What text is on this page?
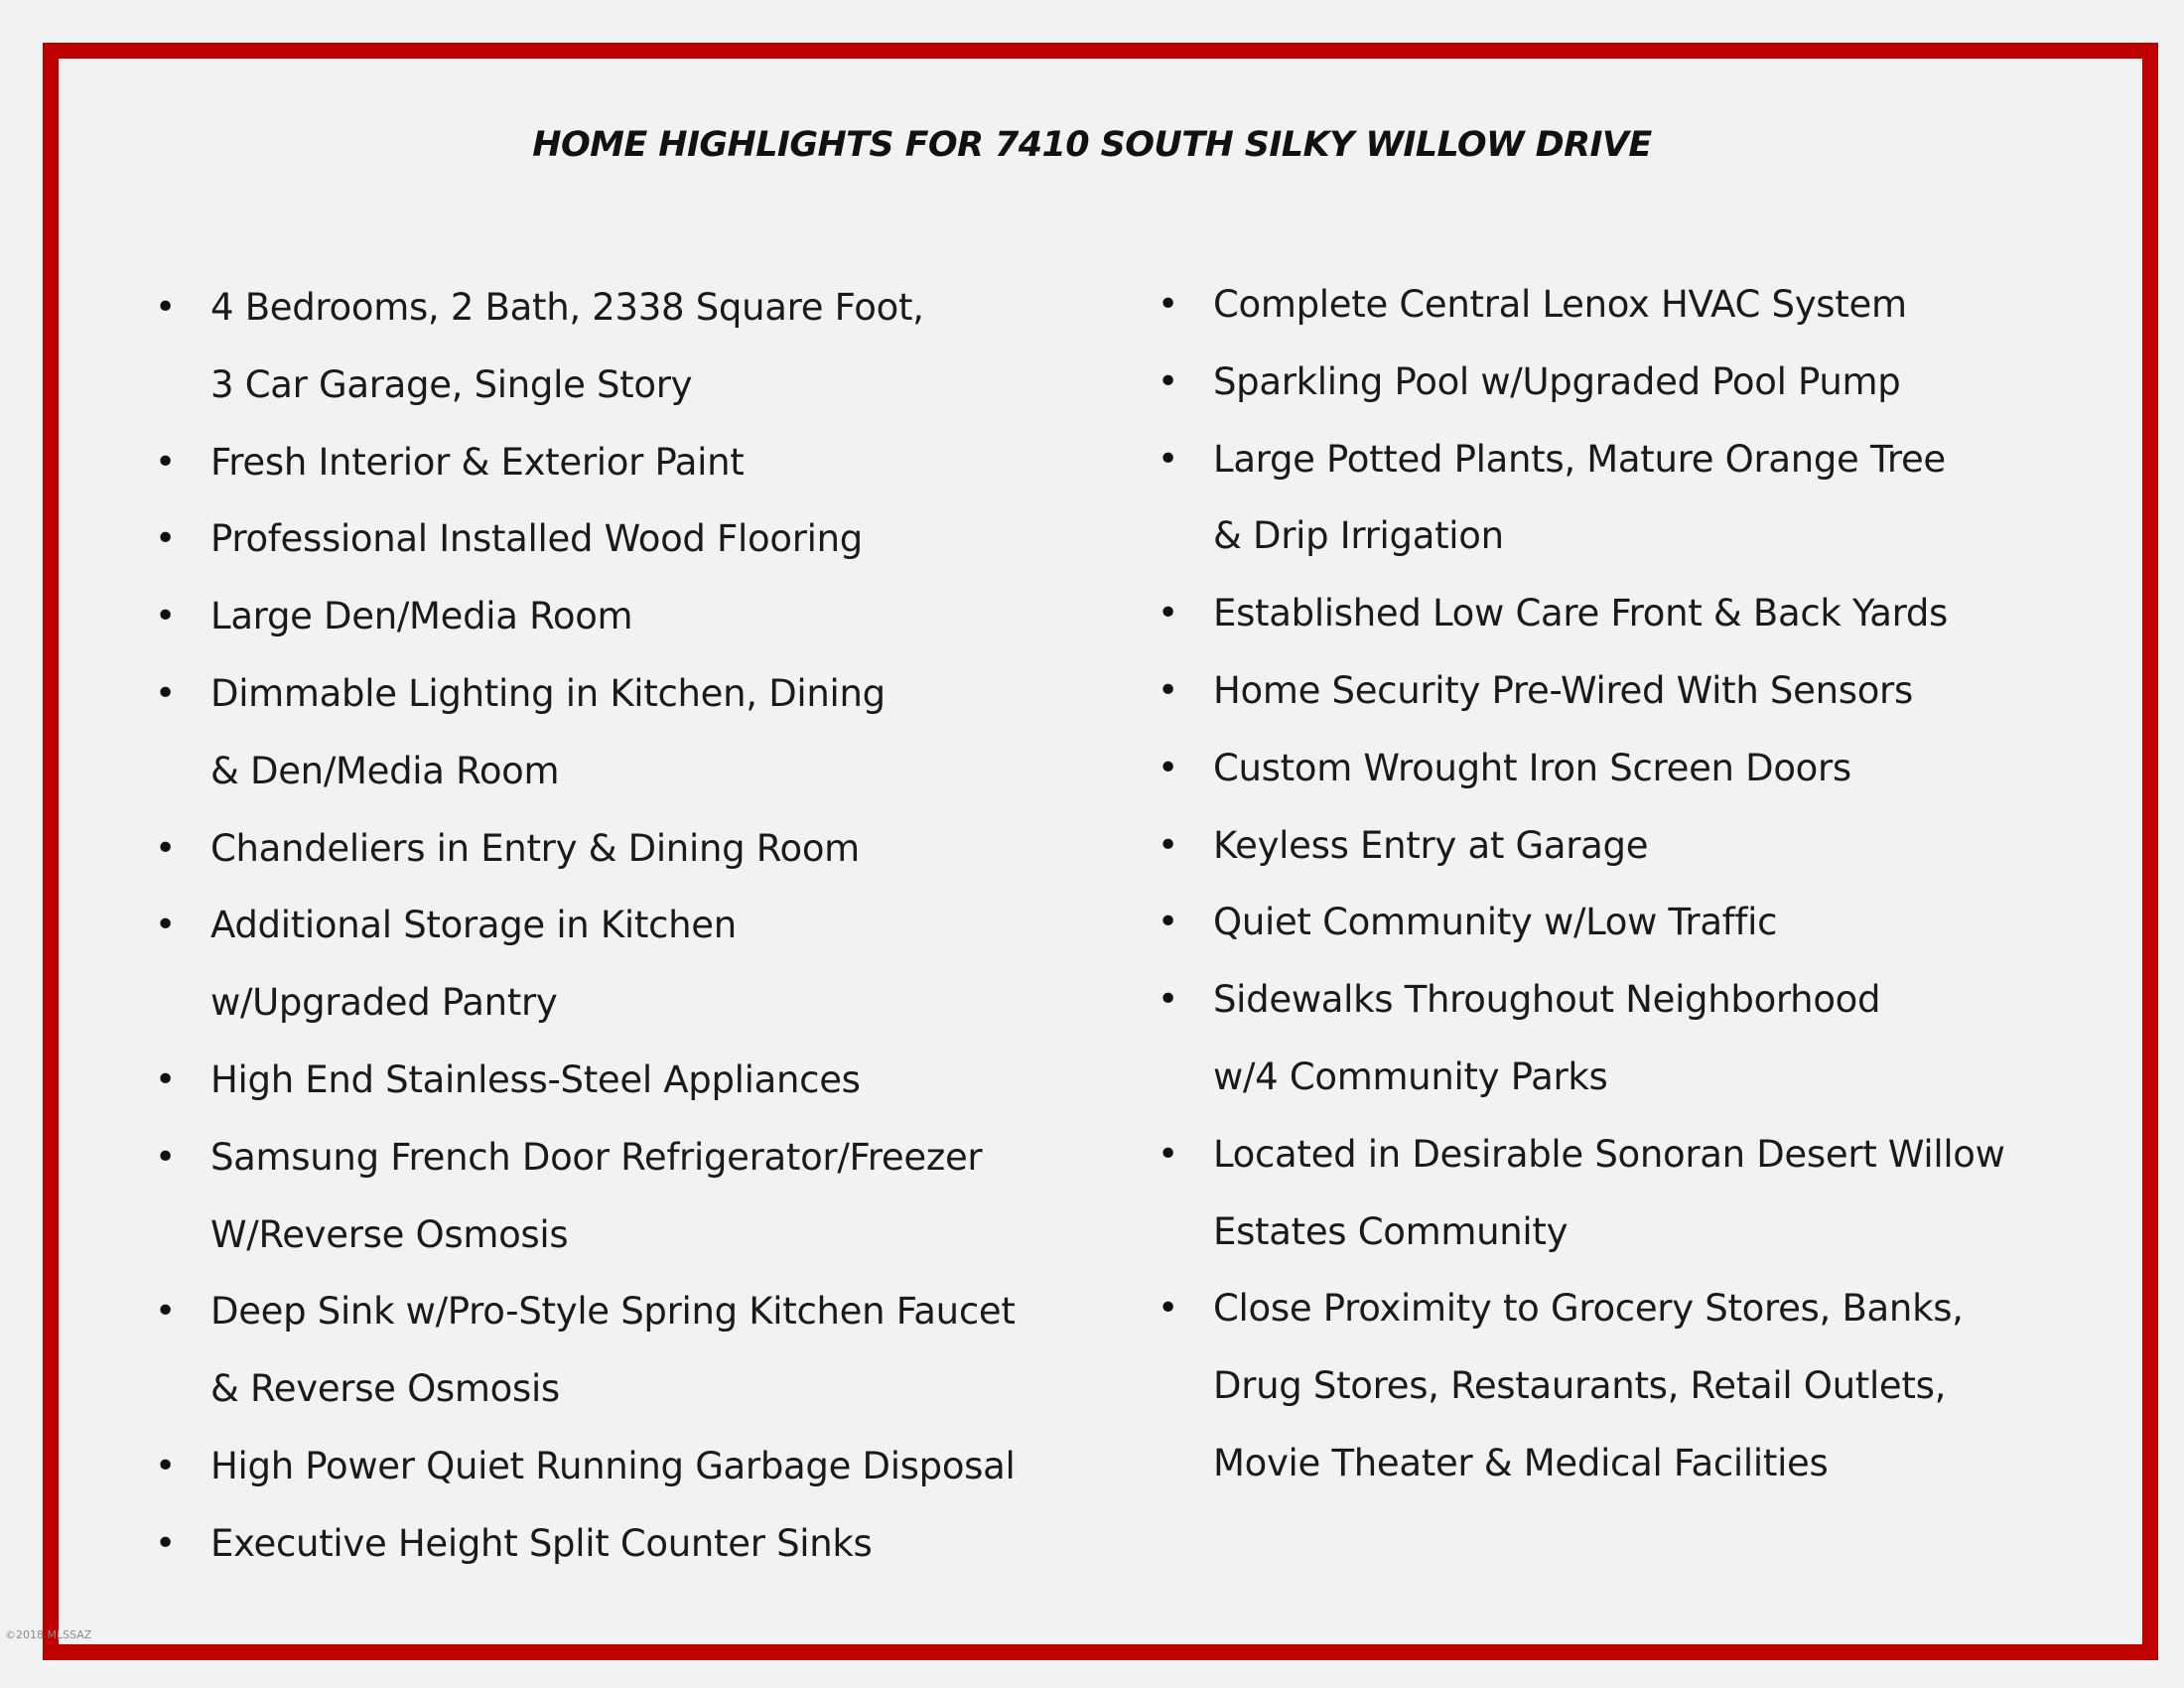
HOME HIGHLIGHTS FOR 7410 SOUTH SILKY WILLOW DRIVE
• 4 Bedrooms, 2 Bath, 2338 Square Foot,
3 Car Garage, Single Story
• Fresh Interior & Exterior Paint
• Professional Installed Wood Flooring
• Large Den/Media Room
• Dimmable Lighting in Kitchen, Dining
& Den/Media Room
• Chandeliers in Entry & Dining Room
• Additional Storage in Kitchen
w/Upgraded Pantry
• High End Stainless-Steel Appliances
• Samsung French Door Refrigerator/Freezer
W/Reverse Osmosis
• Deep Sink w/Pro-Style Spring Kitchen Faucet
& Reverse Osmosis
• High Power Quiet Running Garbage Disposal
• Executive Height Split Counter Sinks
• Complete Central Lenox HVAC System
• Sparkling Pool w/Upgraded Pool Pump
• Large Potted Plants, Mature Orange Tree
& Drip Irrigation
• Established Low Care Front & Back Yards
• Home Security Pre-Wired With Sensors
• Custom Wrought Iron Screen Doors
• Keyless Entry at Garage
• Quiet Community w/Low Traffic
• Sidewalks Throughout Neighborhood
w/4 Community Parks
• Located in Desirable Sonoran Desert Willow
Estates Community
• Close Proximity to Grocery Stores, Banks,
Drug Stores, Restaurants, Retail Outlets,
Movie Theater & Medical Facilities
©2018 MLSSAZ
